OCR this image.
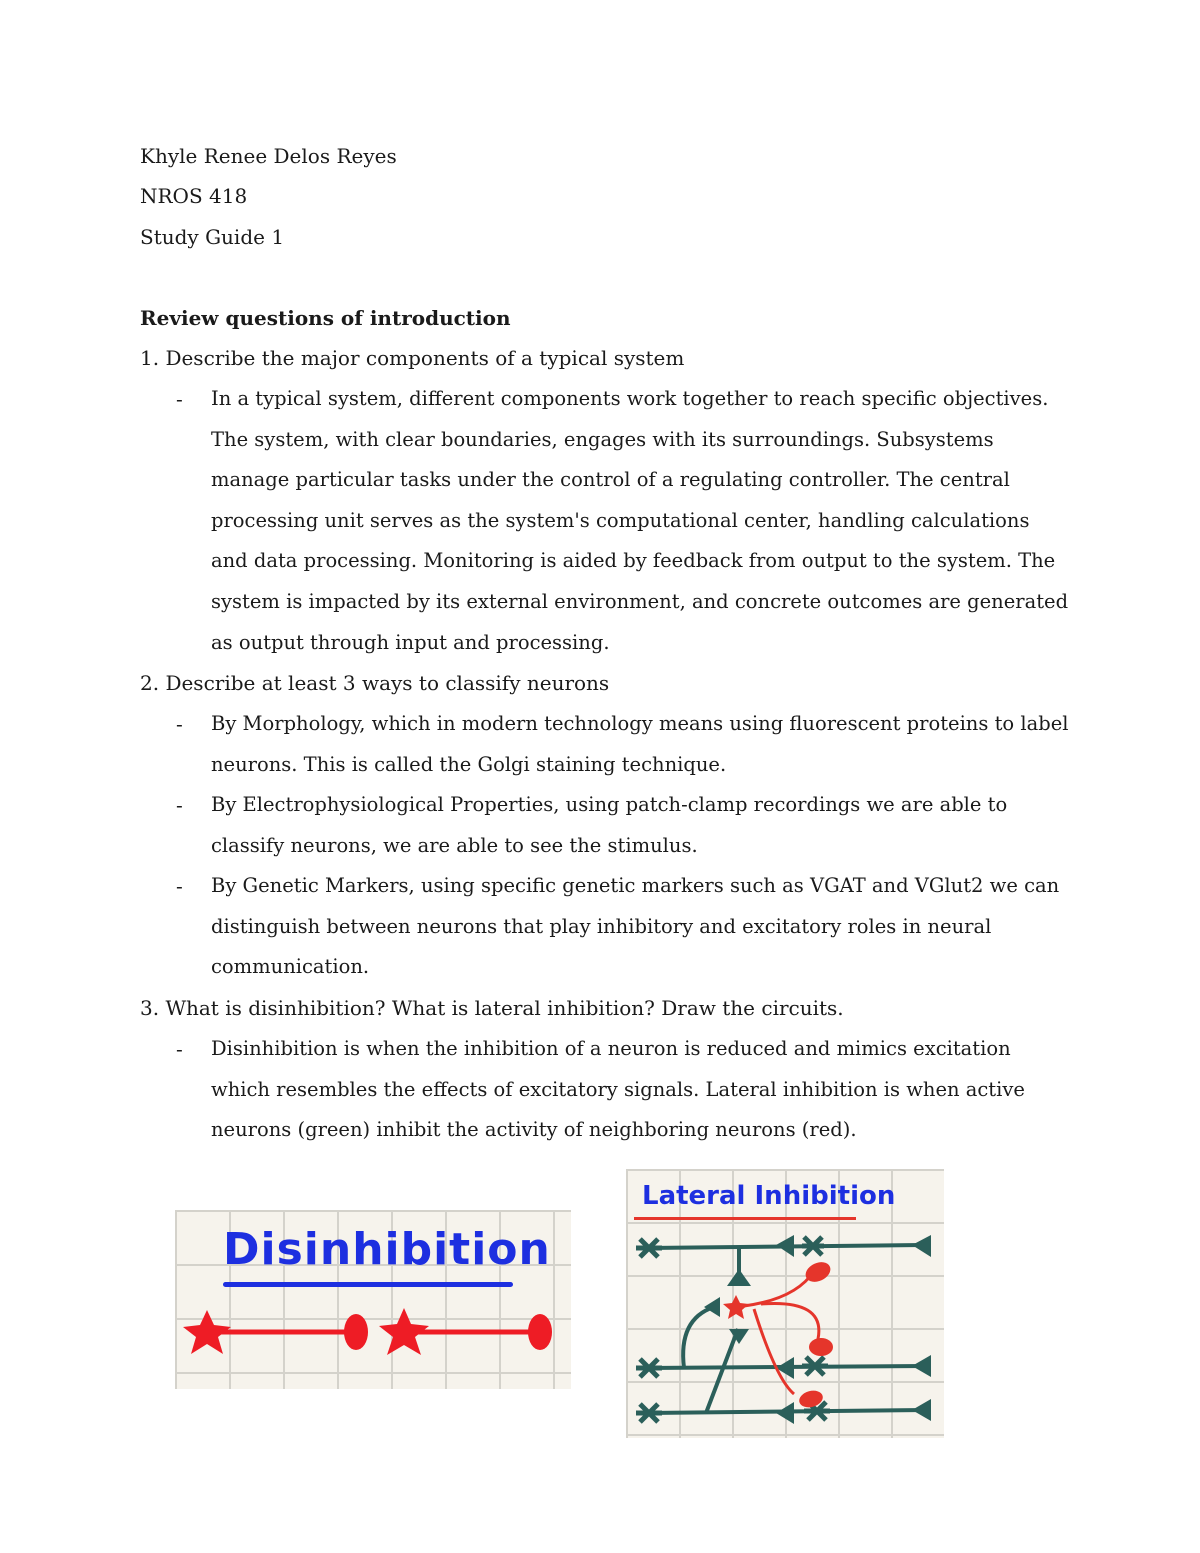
Khyle Renee Delos Reyes
NROS 418
Study Guide 1
Review questions of introduction
1. Describe the major components of a typical system
- In a typical system, different components work together to reach specific objectives. The system, with clear boundaries, engages with its surroundings. Subsystems manage particular tasks under the control of a regulating controller. The central processing unit serves as the system's computational center, handling calculations and data processing. Monitoring is aided by feedback from output to the system. The system is impacted by its external environment, and concrete outcomes are generated as output through input and processing.
2. Describe at least 3 ways to classify neurons
- By Morphology, which in modern technology means using fluorescent proteins to label neurons. This is called the Golgi staining technique.
- By Electrophysiological Properties, using patch-clamp recordings we are able to classify neurons, we are able to see the stimulus.
- By Genetic Markers, using specific genetic markers such as VGAT and VGlut2 we can distinguish between neurons that play inhibitory and excitatory roles in neural communication.
3. What is disinhibition? What is lateral inhibition? Draw the circuits.
- Disinhibition is when the inhibition of a neuron is reduced and mimics excitation which resembles the effects of excitatory signals. Lateral inhibition is when active neurons (green) inhibit the activity of neighboring neurons (red).
Disinhibition
Lateral Inhibition
